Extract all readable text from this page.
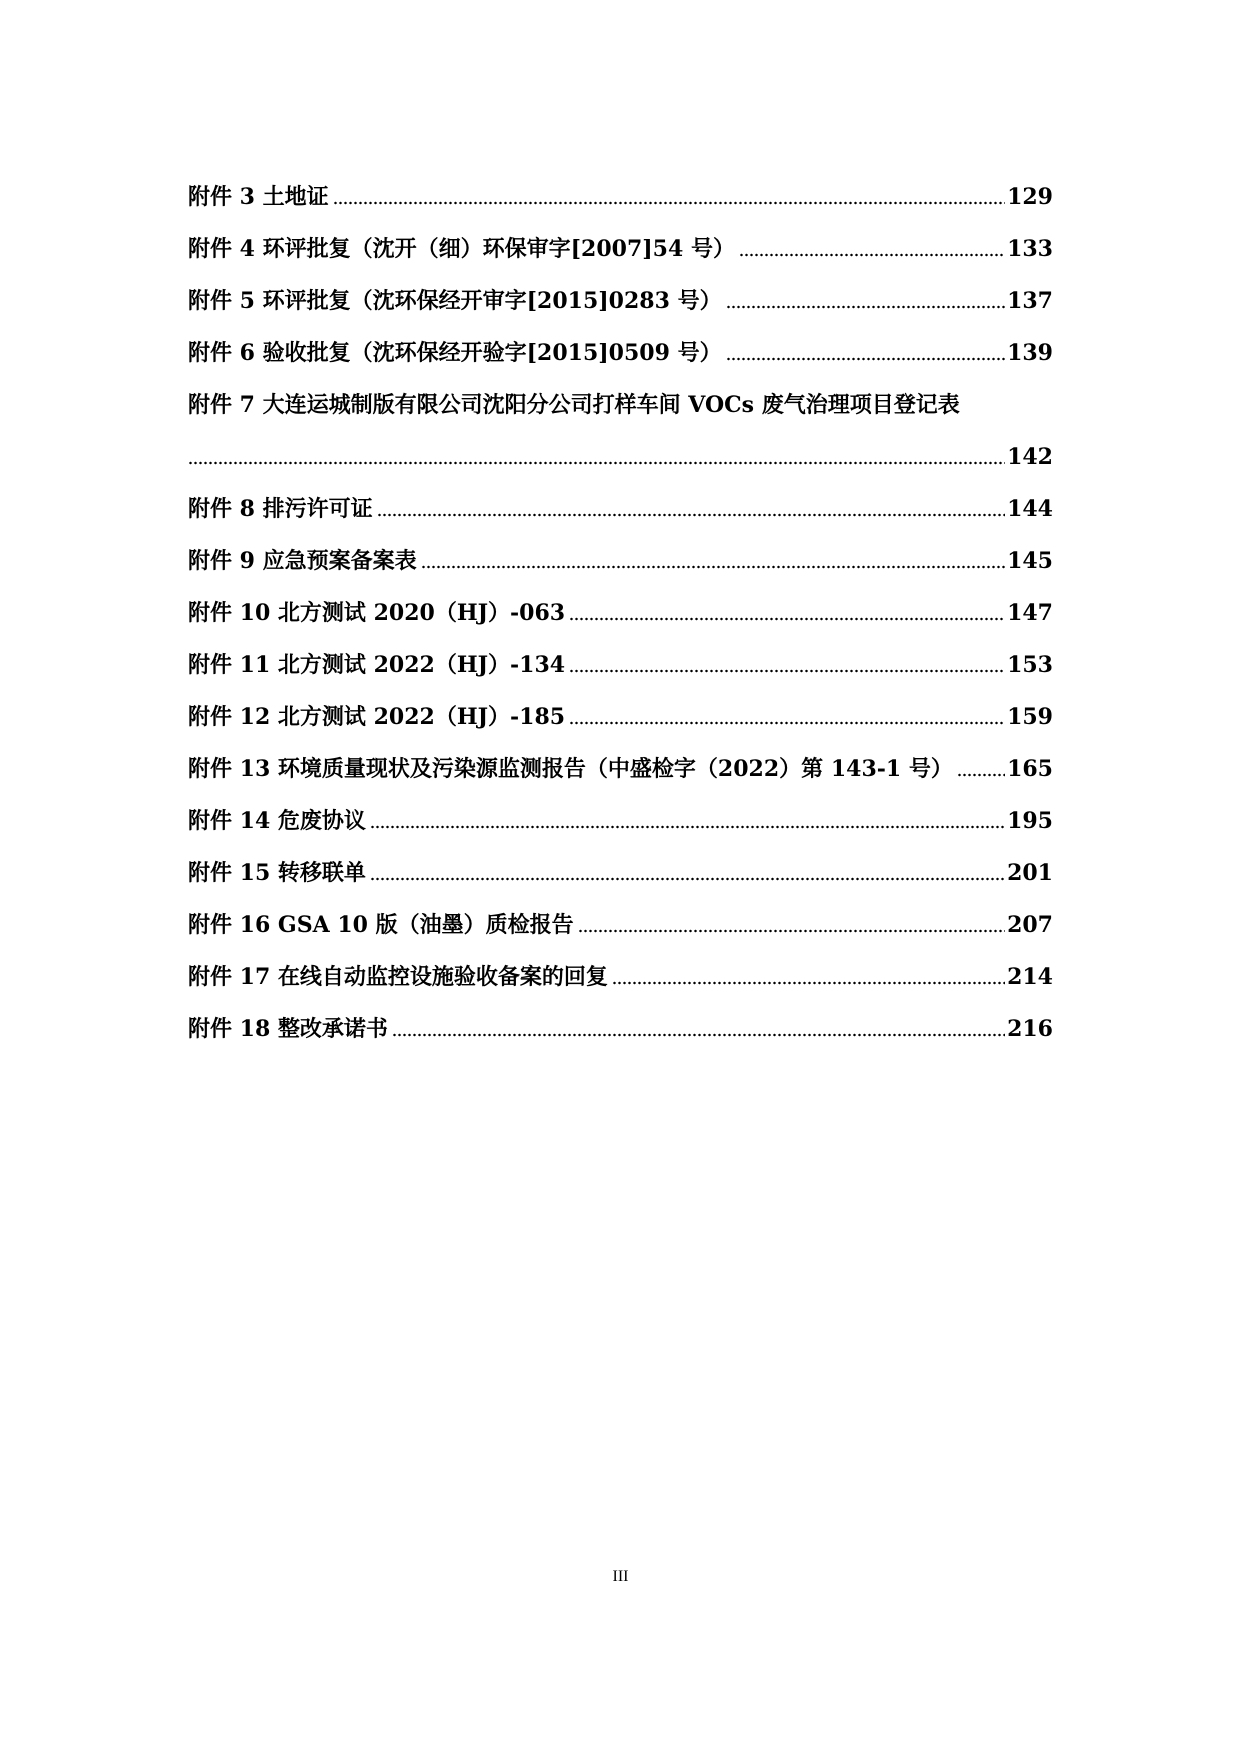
附件 3 土地证	129
附件 4 环评批复（沈开（细）环保审字[2007]54 号）	133
附件 5 环评批复（沈环保经开审字[2015]0283 号）	137
附件 6 验收批复（沈环保经开验字[2015]0509 号）	139
附件 7 大连运城制版有限公司沈阳分公司打样车间 VOCs 废气治理项目登记表
142
附件 8 排污许可证	144
附件 9 应急预案备案表	145
附件 10 北方测试 2020（HJ）-063	147
附件 11 北方测试 2022（HJ）-134	153
附件 12 北方测试 2022（HJ）-185	159
附件 13 环境质量现状及污染源监测报告（中盛检字（2022）第 143-1 号） 165
附件 14 危废协议	195
附件 15 转移联单	201
附件 16 GSA 10 版（油墨）质检报告	207
附件 17 在线自动监控设施验收备案的回复	214
附件 18 整改承诺书	216
III
